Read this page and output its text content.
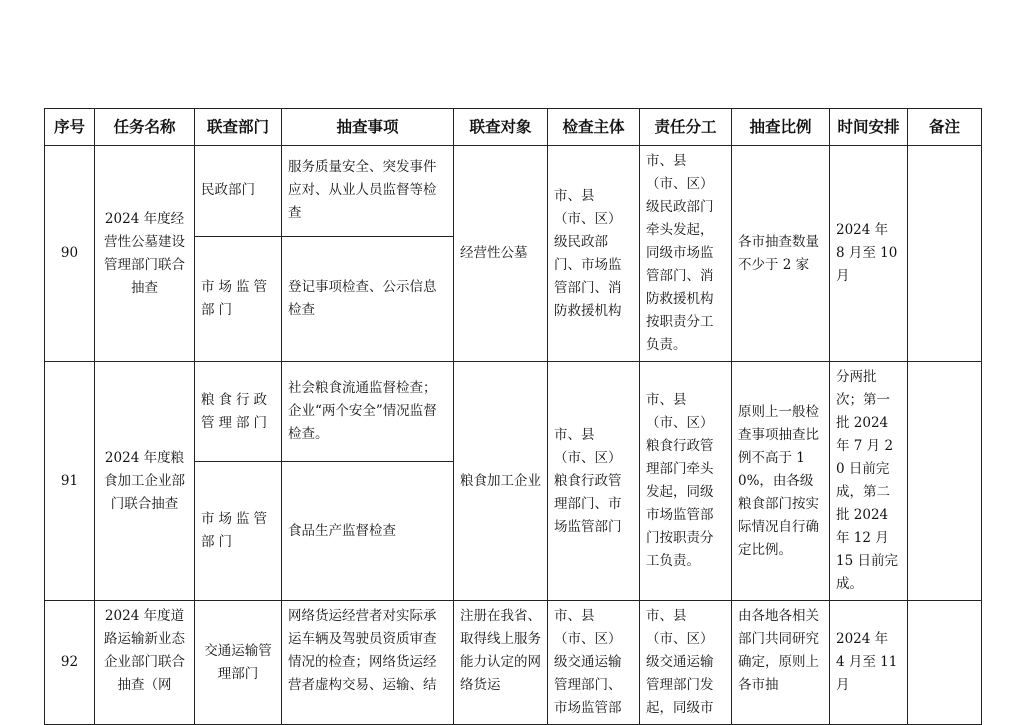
序号	任务名称	联查部门	抽查事项	联查对象	检查主体	责任分工	抽查比例	时间安排	备注
90	2024 年度经营性公墓建设管理部门联合抽查	民政部门	服务质量安全、突发事件应对、从业人员监督等检查	经营性公墓	市、县（市、区）级民政部门、市场监管部门、消防救援机构	市、县（市、区）级民政部门牵头发起，同级市场监管部门、消防救援机构按职责分工负责。	各市抽查数量不少于 2 家	2024 年 8 月至 10 月	
		市场监管部门	登记事项检查、公示信息检查						
91	2024 年度粮食加工企业部门联合抽查	粮食行政管理部门	社会粮食流通监督检查；企业“两个安全”情况监督检查。	粮食加工企业	市、县（市、区）粮食行政管理部门、市场监管部门	市、县（市、区）粮食行政管理部门牵头发起，同级市场监管部门按职责分工负责。	原则上一般检查事项抽查比例不高于 10%，由各级粮食部门按实际情况自行确定比例。	分两批次；第一批 2024 年 7 月 20 日前完成，第二批 2024 年 12 月 15 日前完成。	
		市场监管部门	食品生产监督检查						
92	2024 年度道路运输新业态企业部门联合抽查（网	交通运输管理部门	网络货运经营者对实际承运车辆及驾驶员资质审查情况的检查；网络货运经营者虚构交易、运输、结	注册在我省、取得线上服务能力认定的网络货运	市、县（市、区）级交通运输管理部门、市场监管部	市、县（市、区）级交通运输管理部门发起，同级市	由各地各相关部门共同研究确定，原则上各市抽	2024 年 4 月至 11 月	
